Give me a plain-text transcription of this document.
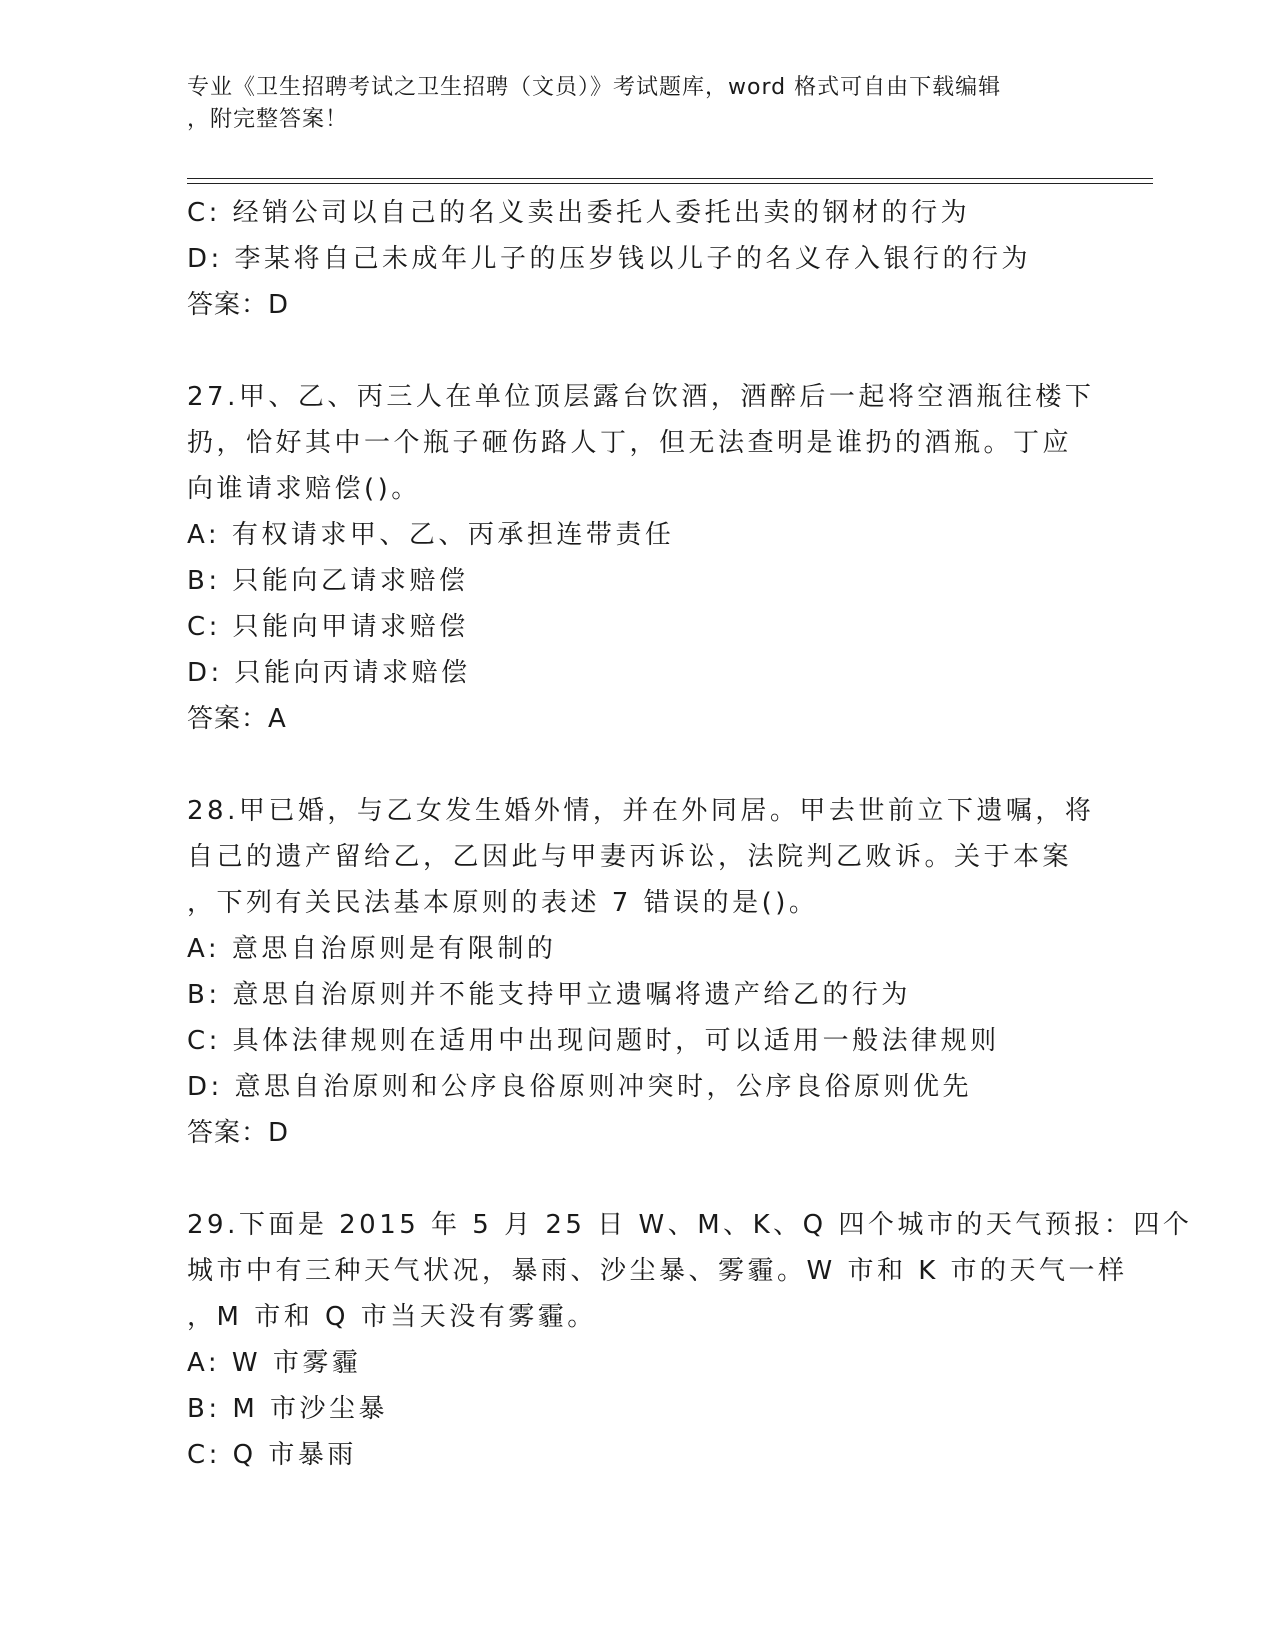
专业《卫生招聘考试之卫生招聘（文员）》考试题库，word 格式可自由下载编辑
，附完整答案！
C: 经销公司以自己的名义卖出委托人委托出卖的钢材的行为
D: 李某将自己未成年儿子的压岁钱以儿子的名义存入银行的行为
答案：D
27.甲、乙、丙三人在单位顶层露台饮酒，酒醉后一起将空酒瓶往楼下
扔，恰好其中一个瓶子砸伤路人丁，但无法查明是谁扔的酒瓶。丁应
向谁请求赔偿()。
A: 有权请求甲、乙、丙承担连带责任
B: 只能向乙请求赔偿
C: 只能向甲请求赔偿
D: 只能向丙请求赔偿
答案：A
28.甲已婚，与乙女发生婚外情，并在外同居。甲去世前立下遗嘱，将
自己的遗产留给乙，乙因此与甲妻丙诉讼，法院判乙败诉。关于本案
，下列有关民法基本原则的表述 7 错误的是()。
A: 意思自治原则是有限制的
B: 意思自治原则并不能支持甲立遗嘱将遗产给乙的行为
C: 具体法律规则在适用中出现问题时，可以适用一般法律规则
D: 意思自治原则和公序良俗原则冲突时，公序良俗原则优先
答案：D
29.下面是 2015 年 5 月 25 日 W、M、K、Q 四个城市的天气预报：四个
城市中有三种天气状况，暴雨、沙尘暴、雾霾。W 市和 K 市的天气一样
，M 市和 Q 市当天没有雾霾。
A: W 市雾霾
B: M 市沙尘暴
C: Q 市暴雨
